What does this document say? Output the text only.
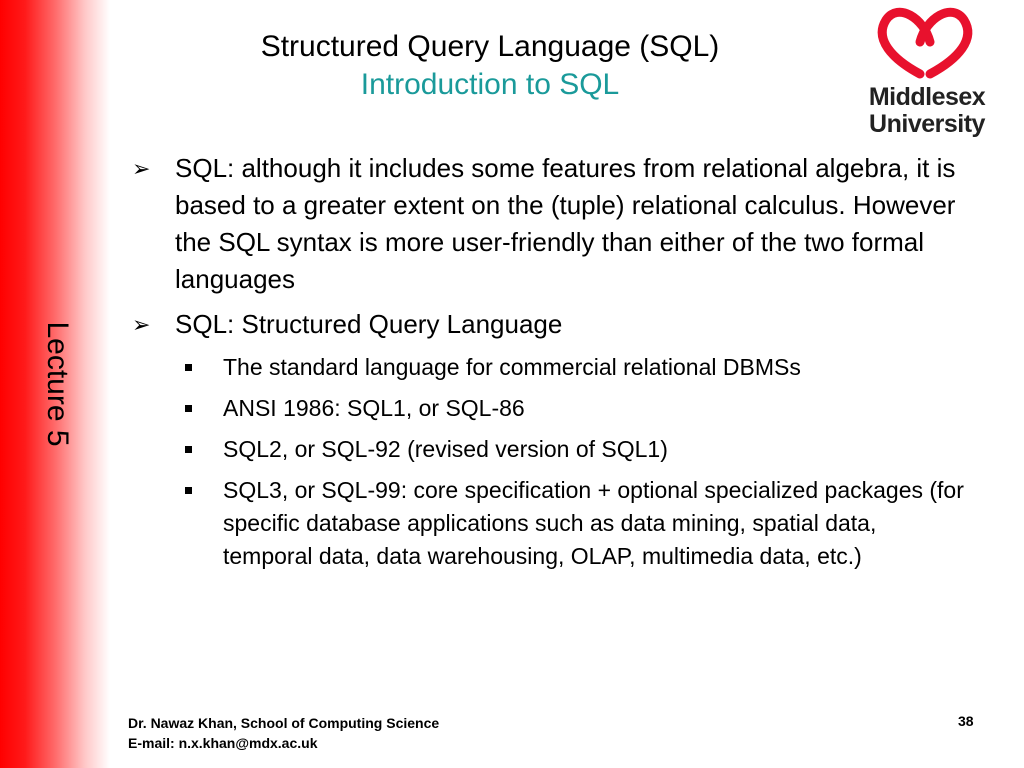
Lecture 5
Structured Query Language (SQL)
Introduction to SQL	Middlesex
University
➢ SQL: although it includes some features from relational algebra, it is based to a greater extent on the (tuple) relational calculus. However the SQL syntax is more user-friendly than either of the two formal languages
➢ SQL: Structured Query Language
The standard language for commercial relational DBMSs
ANSI 1986: SQL1, or SQL-86
SQL2, or SQL-92 (revised version of SQL1)
SQL3, or SQL-99: core specification + optional specialized packages (for specific database applications such as data mining, spatial data, temporal data, data warehousing, OLAP, multimedia data, etc.)
Dr. Nawaz Khan, School of Computing Science
E-mail: n.x.khan@mdx.ac.uk
38
